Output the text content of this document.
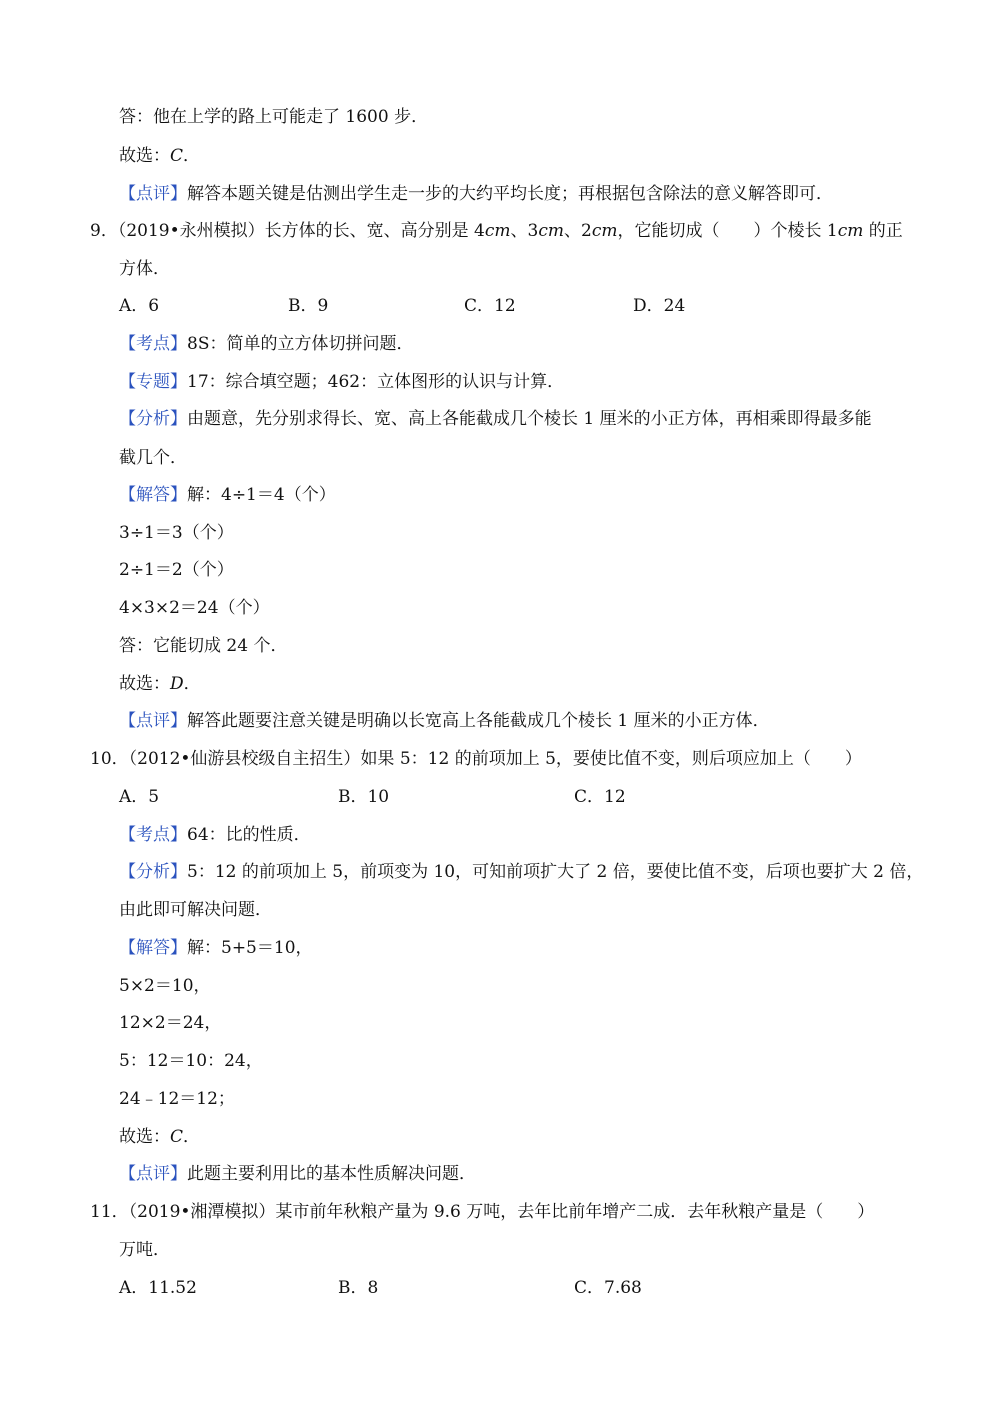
答：他在上学的路上可能走了 1600 步．
故选：C．
【点评】解答本题关键是估测出学生走一步的大约平均长度；再根据包含除法的意义解答即可．
9．（2019•永州模拟）长方体的长、宽、高分别是 4cm、3cm、2cm，它能切成（　　）个棱长 1cm 的正
方体．
A．6	B．9	C．12	D．24
【考点】8S：简单的立方体切拼问题．
【专题】17：综合填空题；462：立体图形的认识与计算．
【分析】由题意，先分别求得长、宽、高上各能截成几个棱长 1 厘米的小正方体，再相乘即得最多能
截几个．
【解答】解：4÷1＝4（个）
3÷1＝3（个）
2÷1＝2（个）
4×3×2＝24（个）
答：它能切成 24 个．
故选：D．
【点评】解答此题要注意关键是明确以长宽高上各能截成几个棱长 1 厘米的小正方体．
10．（2012•仙游县校级自主招生）如果 5：12 的前项加上 5，要使比值不变，则后项应加上（　　）
A．5	B．10	C．12
【考点】64：比的性质．
【分析】5：12 的前项加上 5，前项变为 10，可知前项扩大了 2 倍，要使比值不变，后项也要扩大 2 倍，
由此即可解决问题．
【解答】解：5+5＝10，
5×2＝10，
12×2＝24，
5：12＝10：24，
24﹣12＝12；
故选：C．
【点评】此题主要利用比的基本性质解决问题．
11．（2019•湘潭模拟）某市前年秋粮产量为 9.6 万吨，去年比前年增产二成．去年秋粮产量是（　　）
万吨．
A．11.52	B．8	C．7.68
